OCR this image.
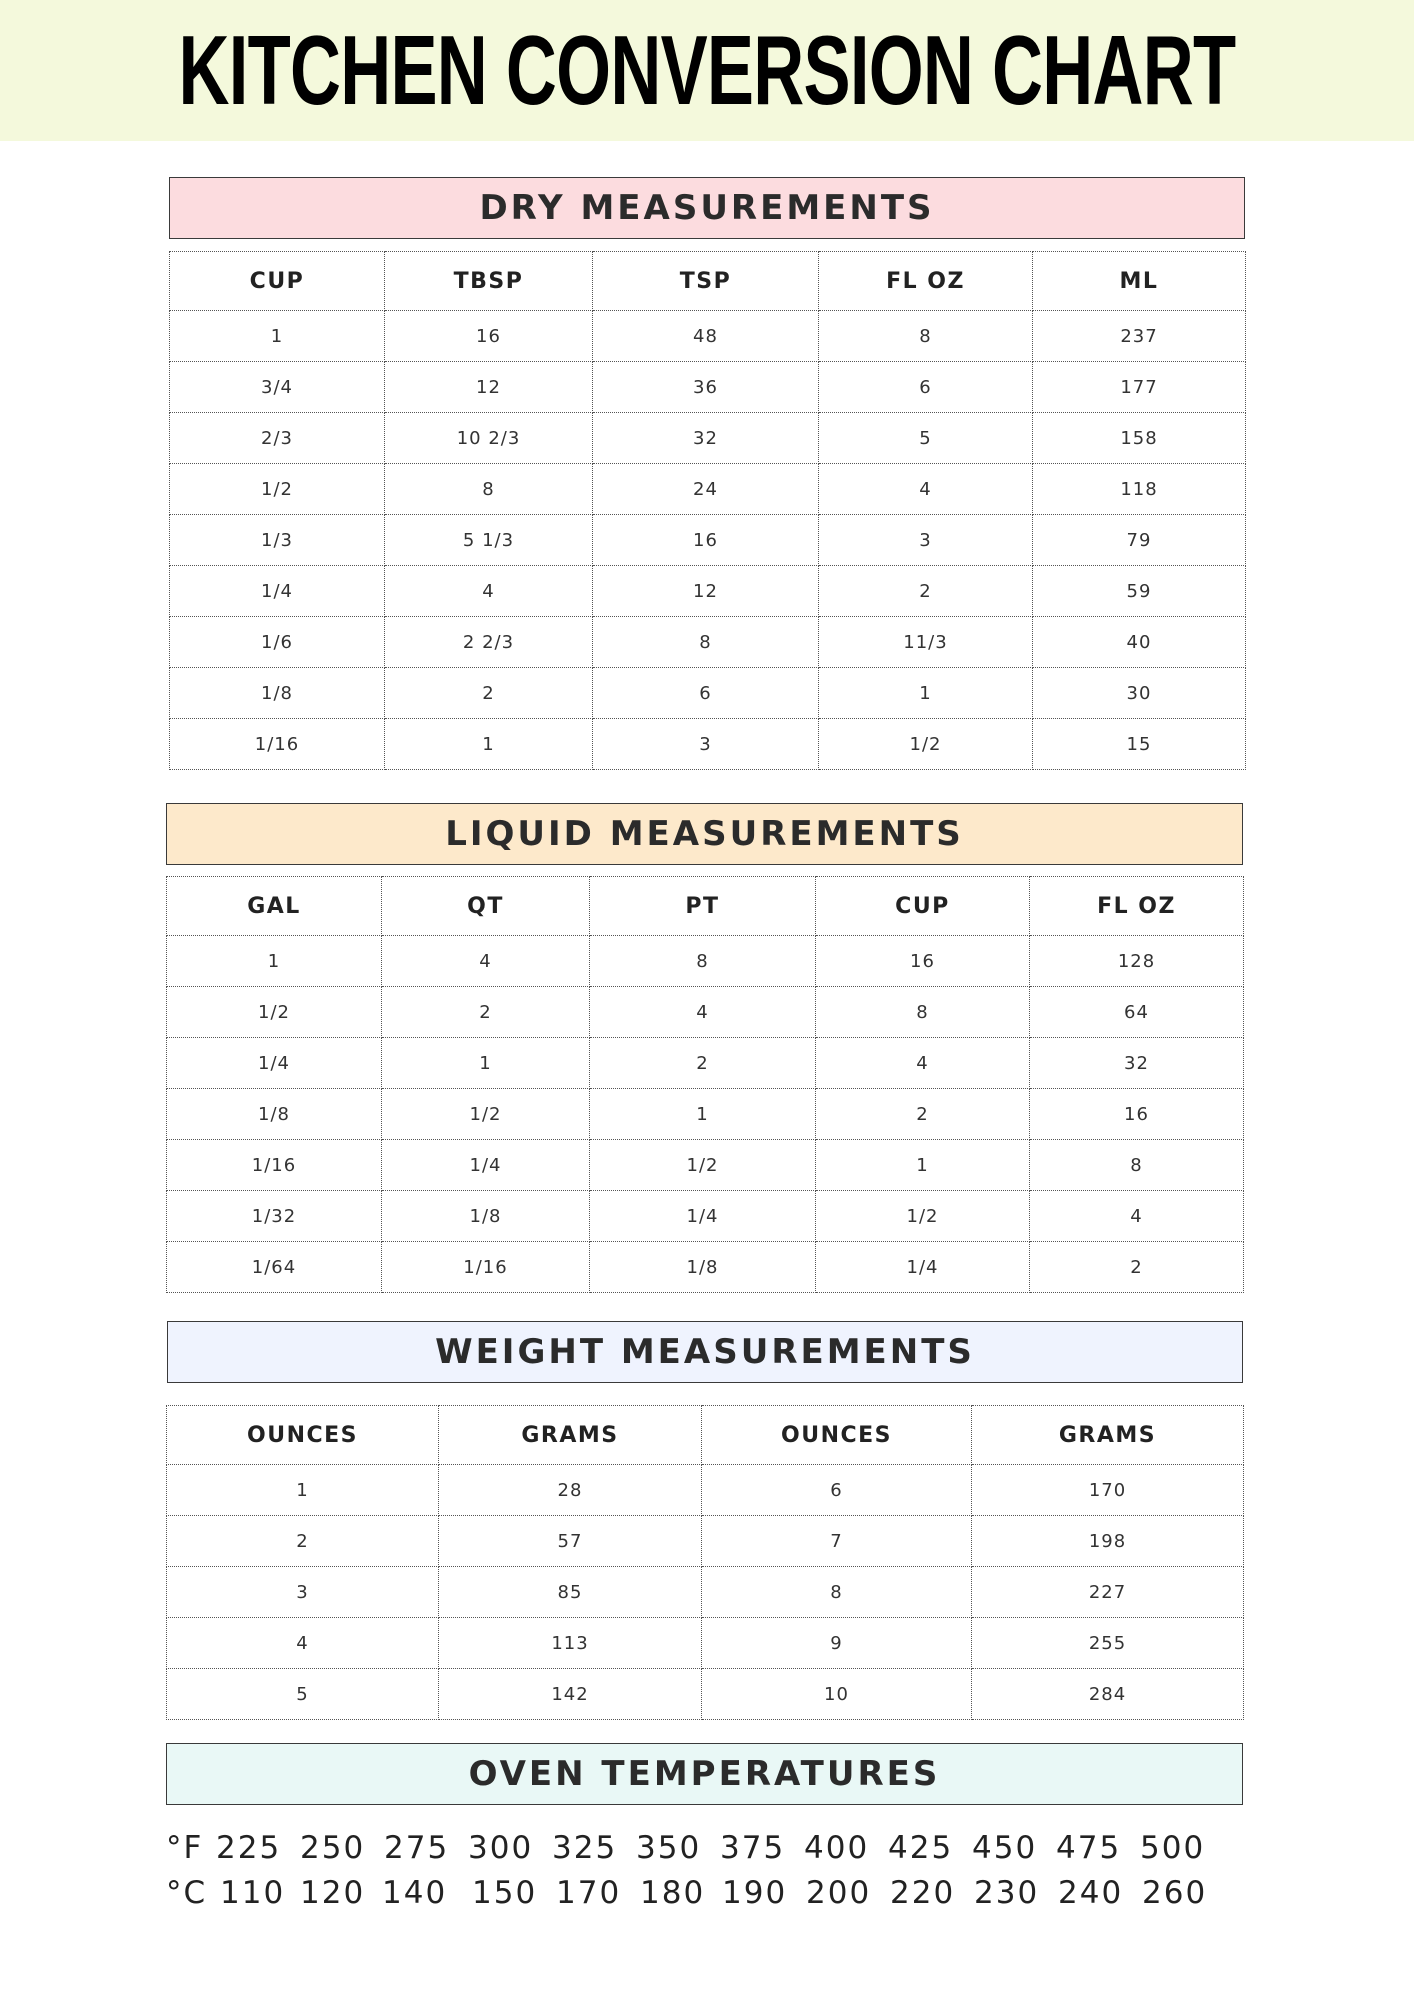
KITCHEN CONVERSION CHART
DRY MEASUREMENTS
CUP	TBSP	TSP	FL OZ	ML
1	16	48	8	237
3/4	12	36	6	177
2/3	10 2/3	32	5	158
1/2	8	24	4	118
1/3	5 1/3	16	3	79
1/4	4	12	2	59
1/6	2 2/3	8	11/3	40
1/8	2	6	1	30
1/16	1	3	1/2	15
LIQUID MEASUREMENTS
GAL	QT	PT	CUP	FL OZ
1	4	8	16	128
1/2	2	4	8	64
1/4	1	2	4	32
1/8	1/2	1	2	16
1/16	1/4	1/2	1	8
1/32	1/8	1/4	1/2	4
1/64	1/16	1/8	1/4	2
WEIGHT MEASUREMENTS
OUNCES	GRAMS	OUNCES	GRAMS
1	28	6	170
2	57	7	198
3	85	8	227
4	113	9	255
5	142	10	284
OVEN TEMPERATURES
°F 225 250 275 300 325 350 375 400 425 450 475 500
°C 110 120 140 150 170 180 190 200 220 230 240 260
